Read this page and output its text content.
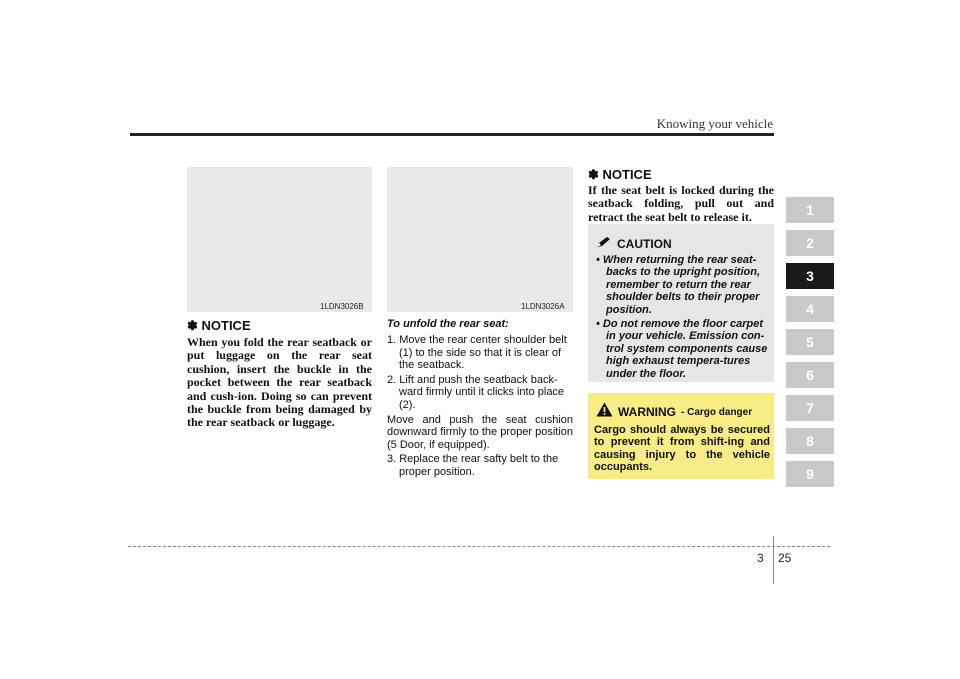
Knowing your vehicle
1LDN3026B
✽ NOTICE
When you fold the rear seatback or put luggage on the rear seat cushion, insert the buckle in the pocket between the rear seatback and cush-ion. Doing so can prevent the buckle from being damaged by the rear seatback or luggage.
1LDN3026A
To unfold the rear seat:
1. Move the rear center shoulder belt (1) to the side so that it is clear of the seatback.
2. Lift and push the seatback back-ward firmly until it clicks into place (2).
Move and push the seat cushion downward firmly to the proper position (5 Door, if equipped).
3. Replace the rear safty belt to the proper position.
✽ NOTICE
If the seat belt is locked during the seatback folding, pull out and retract the seat belt to release it.
CAUTION
• When returning the rear seat-backs to the upright position, remember to return the rear shoulder belts to their proper position.
• Do not remove the floor carpet in your vehicle. Emission con-trol system components cause high exhaust tempera-tures under the floor.
WARNING - Cargo danger
Cargo should always be secured to prevent it from shift-ing and causing injury to the vehicle occupants.
1
2
3
4
5
6
7
8
9
3 25
